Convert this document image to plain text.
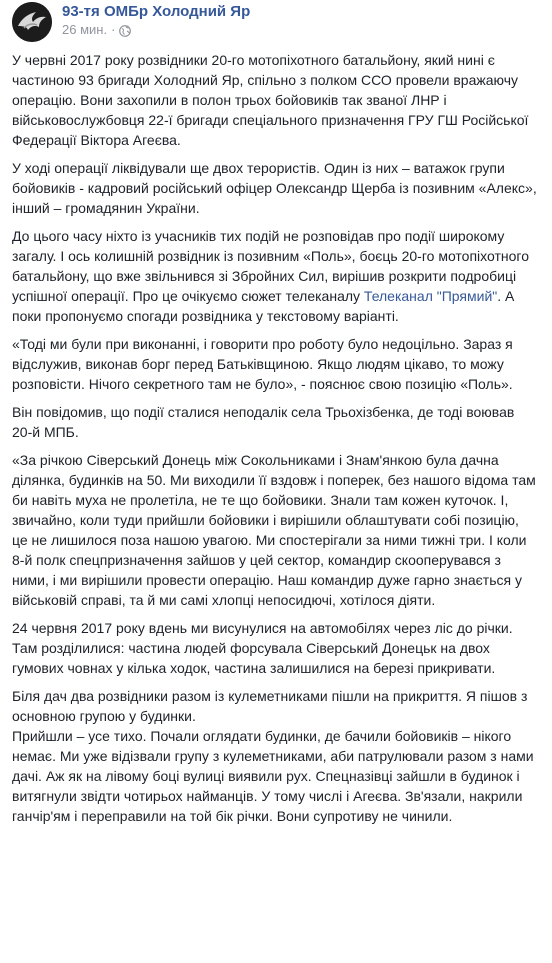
93-тя ОМБр Холодний Яр
26 мин. ·

У червні 2017 року розвідники 20-го мотопіхотного батальйону, який нині є частиною 93 бригади Холодний Яр, спільно з полком ССО провели вражаючу операцію. Вони захопили в полон трьох бойовиків так званої ЛНР і військовослужбовця 22-ї бригади спеціального призначення ГРУ ГШ Російської Федерації Віктора Агеєва.

У ході операції ліквідували ще двох терористів. Один із них – ватажок групи бойовиків - кадровий російський офіцер Олександр Щерба із позивним «Алекс», інший – громадянин України.

До цього часу ніхто із учасників тих подій не розповідав про події широкому загалу. І ось колишній розвідник із позивним «Поль», боєць 20-го мотопіхотного батальйону, що вже звільнився зі Збройних Сил, вирішив розкрити подробиці успішної операції. Про це очікуємо сюжет телеканалу Телеканал "Прямий". А поки пропонуємо спогади розвідника у текстовому варіанті.

«Тоді ми були при виконанні, і говорити про роботу було недоцільно. Зараз я відслужив, виконав борг перед Батьківщиною. Якщо людям цікаво, то можу розповісти. Нічого секретного там не було», - пояснює свою позицію «Поль».

Він повідомив, що події сталися неподалік села Трьохізбенка, де тоді воював 20-й МПБ.

«За річкою Сіверський Донець між Сокольниками і Знам'янкою була дачна ділянка, будинків на 50. Ми виходили її вздовж і поперек, без нашого відома там би навіть муха не пролетіла, не те що бойовики. Знали там кожен куточок. І, звичайно, коли туди прийшли бойовики і вирішили облаштувати собі позицію, це не лишилося поза нашою увагою. Ми спостерігали за ними тижні три. І коли 8-й полк спецпризначення зайшов у цей сектор, командир скооперувався з ними, і ми вирішили провести операцію. Наш командир дуже гарно знається у військовій справі, та й ми самі хлопці непосидючі, хотілося діяти.

24 червня 2017 року вдень ми висунулися на автомобілях через ліс до річки. Там розділилися: частина людей форсувала Сіверський Донецьк на двох гумових човнах у кілька ходок, частина залишилися на березі прикривати.

Біля дач два розвідники разом із кулеметниками пішли на прикриття. Я пішов з основною групою у будинки.

Прийшли – усе тихо. Почали оглядати будинки, де бачили бойовиків – нікого немає. Ми уже відізвали групу з кулеметниками, аби патрулювали разом з нами дачі. Аж як на лівому боці вулиці виявили рух. Спецназівці зайшли в будинок і витягнули звідти чотирьох найманців. У тому числі і Агеєва. Зв'язали, накрили ганчір'ям і переправили на той бік річки. Вони супротиву не чинили.
